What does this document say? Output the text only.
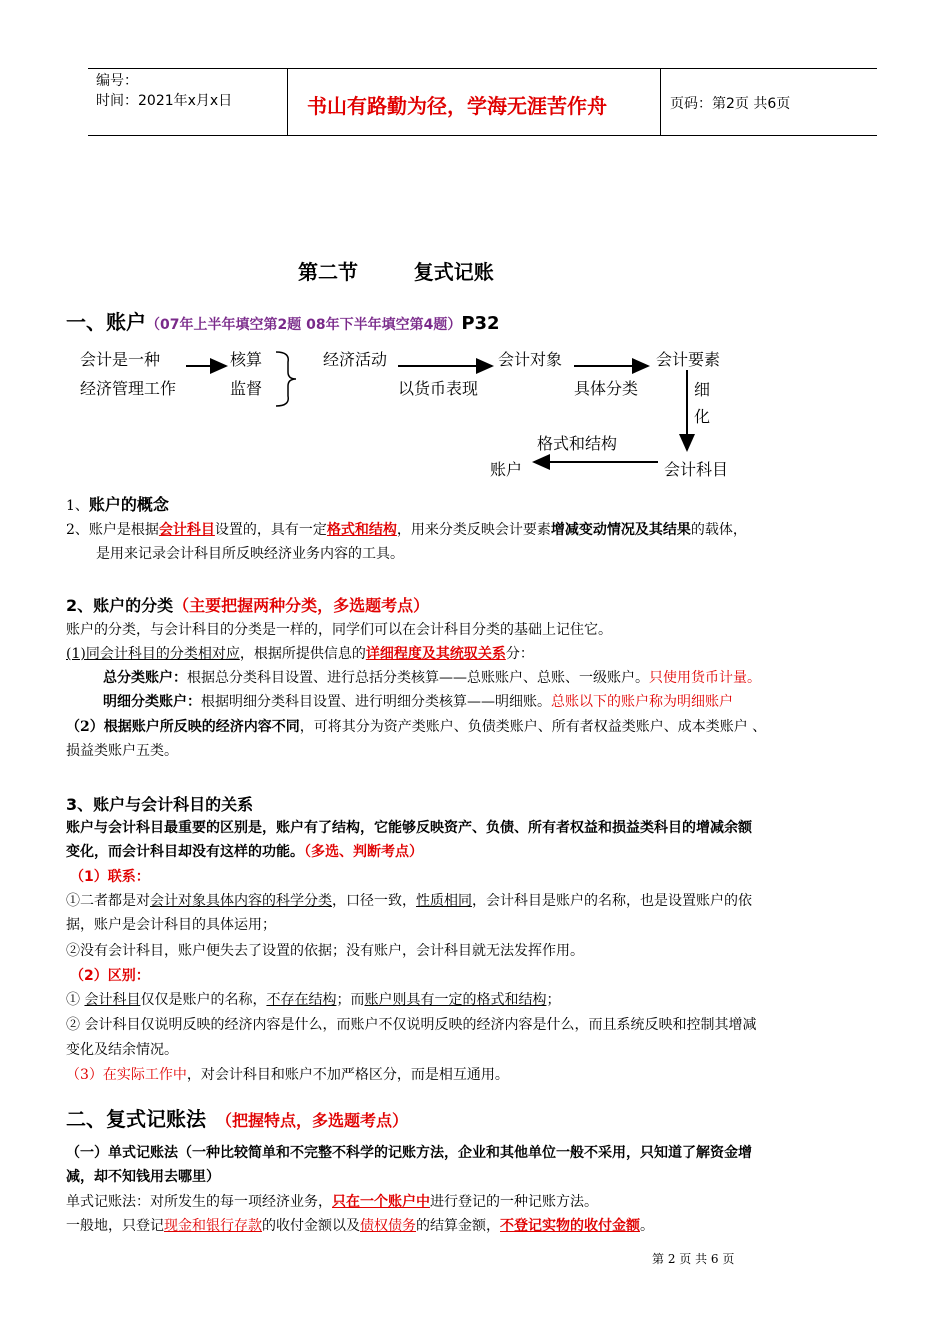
编号：
时间：2021年x月x日	书山有路勤为径，学海无涯苦作舟	页码：第2页 共6页
第二节        复式记账
一、账户（07年上半年填空第2题 08年下半年填空第4题）P32
会计是一种
经济管理工作
核算
监督
经济活动
以货币表现
会计对象
具体分类
会计要素
细
化
格式和结构
账户	会计科目
1、账户的概念
2、账户是根据会计科目设置的，具有一定格式和结构，用来分类反映会计要素增减变动情况及其结果的载体，
是用来记录会计科目所反映经济业务内容的工具。
2、账户的分类（主要把握两种分类，多选题考点）
账户的分类，与会计科目的分类是一样的，同学们可以在会计科目分类的基础上记住它。
(1)同会计科目的分类相对应，根据所提供信息的详细程度及其统驭关系分：
总分类账户：根据总分类科目设置、进行总括分类核算——总账账户、总账、一级账户。只使用货币计量。
明细分类账户：根据明细分类科目设置、进行明细分类核算——明细账。总账以下的账户称为明细账户
（2）根据账户所反映的经济内容不同，可将其分为资产类账户、负债类账户、所有者权益类账户、成本类账户 、
损益类账户五类。
3、账户与会计科目的关系
账户与会计科目最重要的区别是，账户有了结构，它能够反映资产、负债、所有者权益和损益类科目的增减余额
变化，而会计科目却没有这样的功能。（多选、判断考点）
（1）联系：
①二者都是对会计对象具体内容的科学分类，口径一致，性质相同，会计科目是账户的名称，也是设置账户的依
据，账户是会计科目的具体运用；
②没有会计科目，账户便失去了设置的依据；没有账户，会计科目就无法发挥作用。
（2）区别：
① 会计科目仅仅是账户的名称，不存在结构；而账户则具有一定的格式和结构；
② 会计科目仅说明反映的经济内容是什么，而账户不仅说明反映的经济内容是什么，而且系统反映和控制其增减
变化及结余情况。
（3）在实际工作中，对会计科目和账户不加严格区分，而是相互通用。
二、复式记账法 （把握特点，多选题考点）
（一）单式记账法（一种比较简单和不完整不科学的记账方法，企业和其他单位一般不采用，只知道了解资金增
减，却不知钱用去哪里）
单式记账法：对所发生的每一项经济业务，只在一个账户中进行登记的一种记账方法。
一般地，只登记现金和银行存款的收付金额以及债权债务的结算金额，不登记实物的收付金额。
第 2 页 共 6 页
